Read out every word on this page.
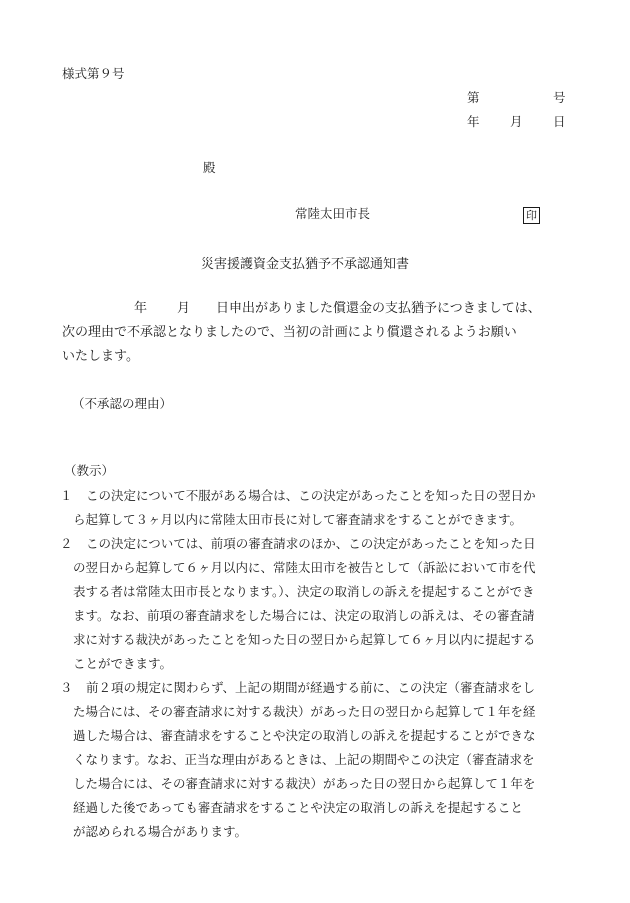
様式第９号
第	号
年 月 日
殿
常陸太田市長	印
災害援護資金支払猶予不承認通知書
年 月 日申出がありました償還金の支払猶予につきましては、
次の理由で不承認となりましたので、当初の計画により償還されるようお願い
いたします。
（不承認の理由）
（教示）
１ この決定について不服がある場合は、この決定があったことを知った日の翌日か
ら起算して３ヶ月以内に常陸太田市長に対して審査請求をすることができます。
２ この決定については、前項の審査請求のほか、この決定があったことを知った日
の翌日から起算して６ヶ月以内に、常陸太田市を被告として（訴訟において市を代
表する者は常陸太田市長となります。）、決定の取消しの訴えを提起することができ
ます。なお、前項の審査請求をした場合には、決定の取消しの訴えは、その審査請
求に対する裁決があったことを知った日の翌日から起算して６ヶ月以内に提起する
ことができます。
３ 前２項の規定に関わらず、上記の期間が経過する前に、この決定（審査請求をし
た場合には、その審査請求に対する裁決）があった日の翌日から起算して１年を経
過した場合は、審査請求をすることや決定の取消しの訴えを提起することができな
くなります。なお、正当な理由があるときは、上記の期間やこの決定（審査請求を
した場合には、その審査請求に対する裁決）があった日の翌日から起算して１年を
経過した後であっても審査請求をすることや決定の取消しの訴えを提起すること
が認められる場合があります。
